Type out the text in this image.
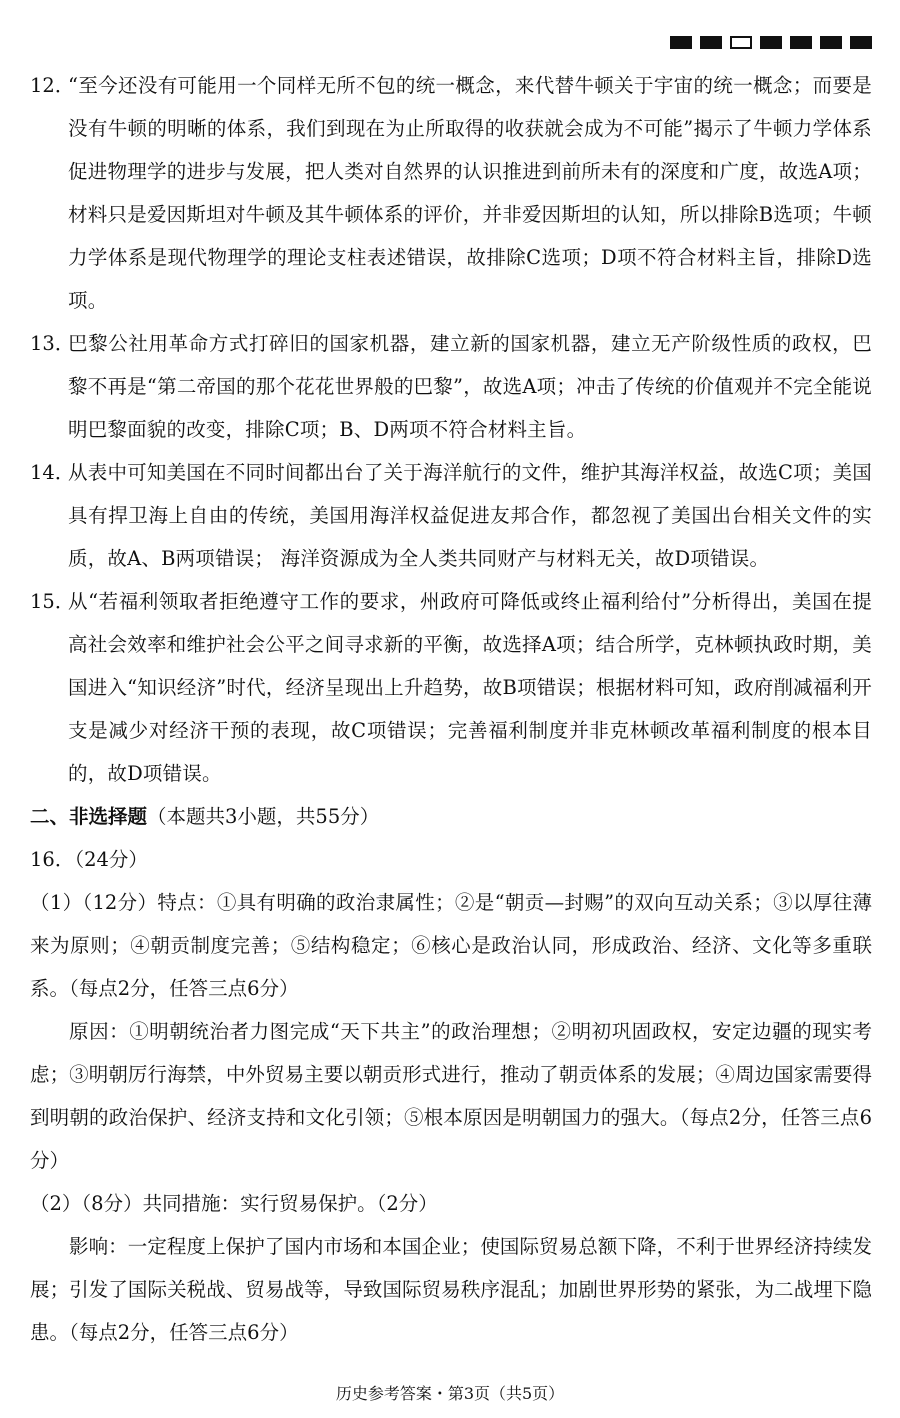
12．
“至今还没有可能用一个同样无所不包的统一概念，来代替牛顿关于宇宙的统一概念；而要是没有牛顿的明晰的体系，我们到现在为止所取得的收获就会成为不可能”揭示了牛顿力学体系促进物理学的进步与发展，把人类对自然界的认识推进到前所未有的深度和广度，故选A项；材料只是爱因斯坦对牛顿及其牛顿体系的评价，并非爱因斯坦的认知，所以排除B选项；牛顿力学体系是现代物理学的理论支柱表述错误，故排除C选项；D项不符合材料主旨，排除D选项。
13．
巴黎公社用革命方式打碎旧的国家机器，建立新的国家机器，建立无产阶级性质的政权，巴黎不再是“第二帝国的那个花花世界般的巴黎”，故选A项；冲击了传统的价值观并不完全能说明巴黎面貌的改变，排除C项；B、D两项不符合材料主旨。
14．
从表中可知美国在不同时间都出台了关于海洋航行的文件，维护其海洋权益，故选C项；美国具有捍卫海上自由的传统，美国用海洋权益促进友邦合作，都忽视了美国出台相关文件的实质，故A、B两项错误； 海洋资源成为全人类共同财产与材料无关，故D项错误。
15．
从“若福利领取者拒绝遵守工作的要求，州政府可降低或终止福利给付”分析得出，美国在提高社会效率和维护社会公平之间寻求新的平衡，故选择A项；结合所学，克林顿执政时期，美国进入“知识经济”时代，经济呈现出上升趋势，故B项错误；根据材料可知，政府削减福利开支是减少对经济干预的表现，故C项错误；完善福利制度并非克林顿改革福利制度的根本目的，故D项错误。
二、非选择题（本题共3小题，共55分）
16．（24分）
（1）（12分）特点：①具有明确的政治隶属性；②是“朝贡—封赐”的双向互动关系；③以厚往薄来为原则；④朝贡制度完善；⑤结构稳定；⑥核心是政治认同，形成政治、经济、文化等多重联系。（每点2分，任答三点6分）
原因：①明朝统治者力图完成“天下共主”的政治理想；②明初巩固政权，安定边疆的现实考虑；③明朝厉行海禁，中外贸易主要以朝贡形式进行，推动了朝贡体系的发展；④周边国家需要得到明朝的政治保护、经济支持和文化引领；⑤根本原因是明朝国力的强大。（每点2分，任答三点6分）
（2）（8分）共同措施：实行贸易保护。（2分）
影响：一定程度上保护了国内市场和本国企业；使国际贸易总额下降，不利于世界经济持续发展；引发了国际关税战、贸易战等，导致国际贸易秩序混乱；加剧世界形势的紧张，为二战埋下隐患。（每点2分，任答三点6分）
历史参考答案・第3页（共5页）
